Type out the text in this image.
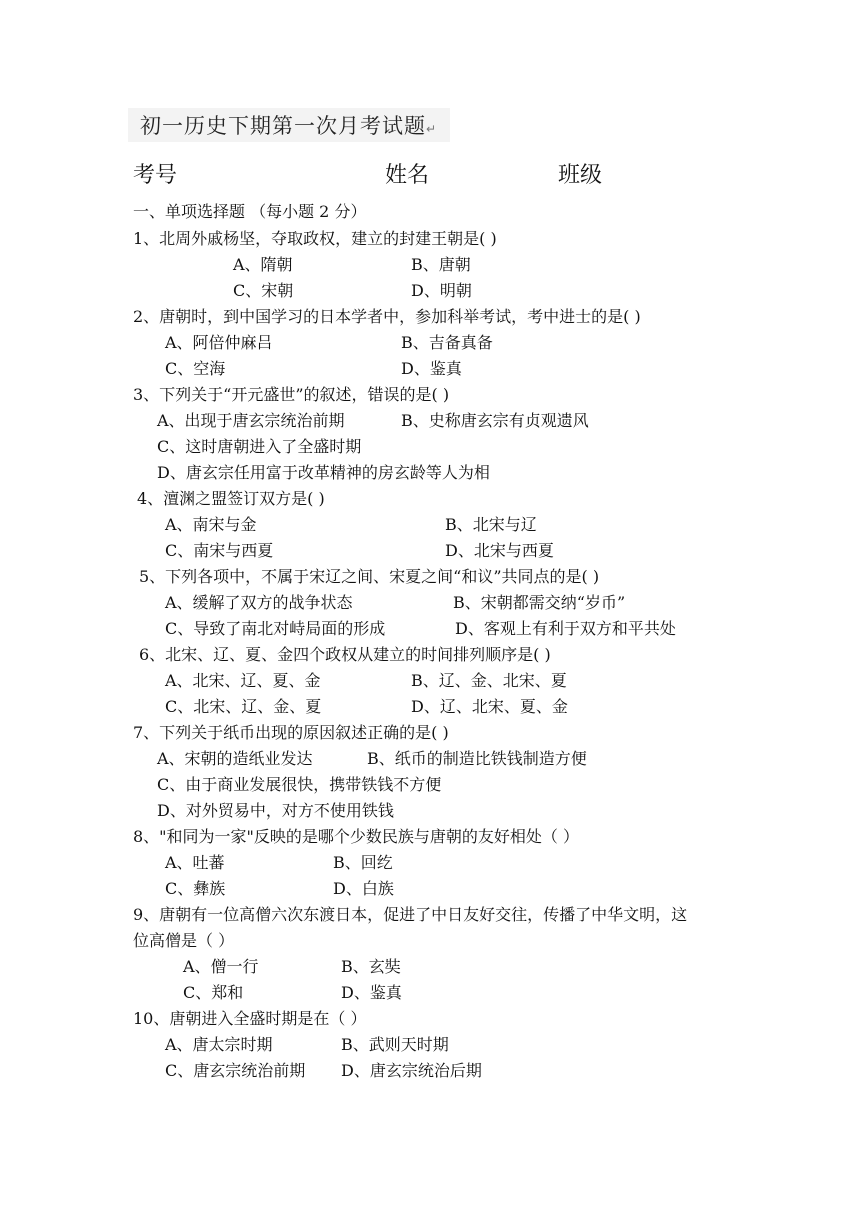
初一历史下期第一次月考试题↵
考号	姓名	班级
一、单项选择题 （每小题 2 分）
1、北周外戚杨坚，夺取政权，建立的封建王朝是( )
A、隋朝	B、唐朝
C、宋朝	D、明朝
2、唐朝时，到中国学习的日本学者中，参加科举考试，考中进士的是( )
A、阿倍仲麻吕	B、吉备真备
C、空海	D、鉴真
3、下列关于“开元盛世”的叙述，错误的是( )
A、出现于唐玄宗统治前期	B、史称唐玄宗有贞观遗风
C、这时唐朝进入了全盛时期
D、唐玄宗任用富于改革精神的房玄龄等人为相
4、澶渊之盟签订双方是( )
A、南宋与金	B、北宋与辽
C、南宋与西夏	D、北宋与西夏
5、下列各项中，不属于宋辽之间、宋夏之间“和议”共同点的是( )
A、缓解了双方的战争状态	B、宋朝都需交纳“岁币”
C、导致了南北对峙局面的形成	D、客观上有利于双方和平共处
6、北宋、辽、夏、金四个政权从建立的时间排列顺序是( )
A、北宋、辽、夏、金	B、辽、金、北宋、夏
C、北宋、辽、金、夏	D、辽、北宋、夏、金
7、下列关于纸币出现的原因叙述正确的是( )
A、宋朝的造纸业发达	B、纸币的制造比铁钱制造方便
C、由于商业发展很快，携带铁钱不方便
D、对外贸易中，对方不使用铁钱
8、"和同为一家"反映的是哪个少数民族与唐朝的友好相处（ ）
A、吐蕃	B、回纥
C、彝族	D、白族
9、唐朝有一位高僧六次东渡日本，促进了中日友好交往，传播了中华文明，这
位高僧是（ ）
A、僧一行	B、玄奘
C、郑和	D、鉴真
10、唐朝进入全盛时期是在（ ）
A、唐太宗时期	B、武则天时期
C、唐玄宗统治前期 D、唐玄宗统治后期
